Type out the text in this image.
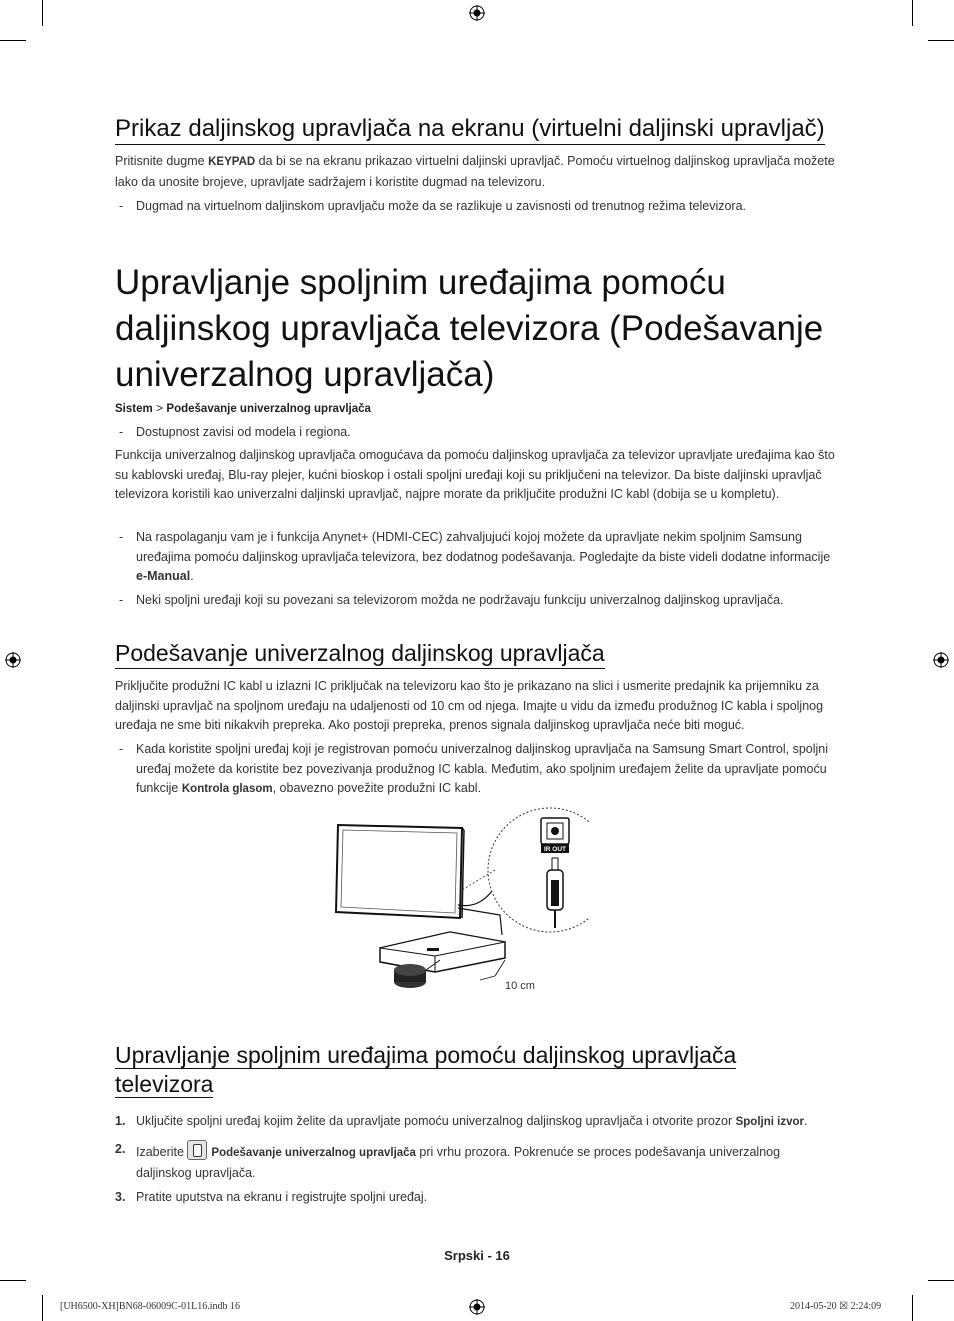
Prikaz daljinskog upravljača na ekranu (virtuelni daljinski upravljač)

Pritisnite dugme KEYPAD da bi se na ekranu prikazao virtuelni daljinski upravljač. Pomoću virtuelnog daljinskog upravljača možete lako da unosite brojeve, upravljate sadržajem i koristite dugmad na televizoru.

- Dugmad na virtuelnom daljinskom upravljaču može da se razlikuje u zavisnosti od trenutnog režima televizora.
Upravljanje spoljnim uređajima pomoću daljinskog upravljača televizora (Podešavanje univerzalnog upravljača)
Sistem > Podešavanje univerzalnog upravljača
- Dostupnost zavisi od modela i regiona.

Funkcija univerzalnog daljinskog upravljača omogućava da pomoću daljinskog upravljača za televizor upravljate uređajima kao što su kablovski uređaj, Blu-ray plejer, kućni bioskop i ostali spoljni uređaji koji su priključeni na televizor. Da biste daljinski upravljač televizora koristili kao univerzalni daljinski upravljač, najpre morate da priključite produžni IC kabl (dobija se u kompletu).

- Na raspolaganju vam je i funkcija Anynet+ (HDMI-CEC) zahvaljujući kojoj možete da upravljate nekim spoljnim Samsung uređajima pomoću daljinskog upravljača televizora, bez dodatnog podešavanja. Pogledajte da biste videli dodatne informacije e-Manual.
- Neki spoljni uređaji koji su povezani sa televizorom možda ne podržavaju funkciju univerzalnog daljinskog upravljača.
Podešavanje univerzalnog daljinskog upravljača

Priključite produžni IC kabl u izlazni IC priključak na televizoru kao što je prikazano na slici i usmerite predajnik ka prijemniku za daljinski upravljač na spoljnom uređaju na udaljenosti od 10 cm od njega. Imajte u vidu da između produžnog IC kabla i spoljnog uređaja ne sme biti nikakvih prepreka. Ako postoji prepreka, prenos signala daljinskog upravljača neće biti moguć.

- Kada koristite spoljni uređaj koji je registrovan pomoću univerzalnog daljinskog upravljača na Samsung Smart Control, spoljni uređaj možete da koristite bez povezivanja produžnog IC kabla. Međutim, ako spoljnim uređajem želite da upravljate pomoću funkcije Kontrola glasom, obavezno povežite produžni IC kabl.
IR OUT
10 cm
Upravljanje spoljnim uređajima pomoću daljinskog upravljača televizora
1. Uključite spoljni uređaj kojim želite da upravljate pomoću univerzalnog daljinskog upravljača i otvorite prozor Spoljni izvor.
2. Izaberite
Podešavanje univerzalnog upravljača pri vrhu prozora. Pokrenuće se proces podešavanja univerzalnog daljinskog upravljača.
3. Pratite uputstva na ekranu i registrujte spoljni uređaj.
Srpski - 16
[UH6500-XH]BN68-06009C-01L16.indb 16	2014-05-20 ☒ 2:24:09
